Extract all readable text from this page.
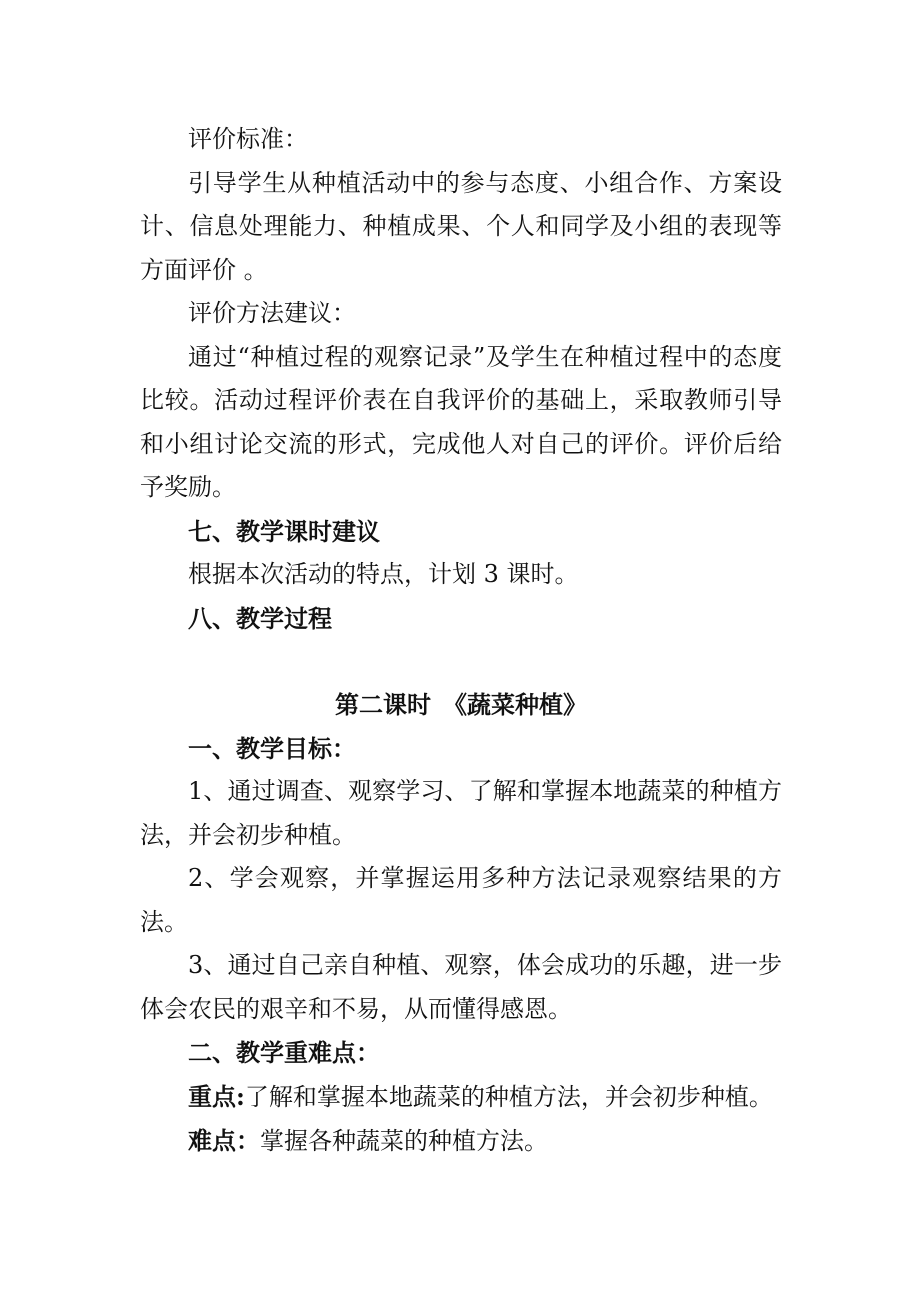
评价标准：

引导学生从种植活动中的参与态度、小组合作、方案设计、信息处理能力、种植成果、个人和同学及小组的表现等方面评价 。

评价方法建议：

通过“种植过程的观察记录”及学生在种植过程中的态度比较。活动过程评价表在自我评价的基础上，采取教师引导和小组讨论交流的形式，完成他人对自己的评价。评价后给予奖励。

七、教学课时建议

根据本次活动的特点，计划 3 课时。

八、教学过程

第二课时 《蔬菜种植》

一、教学目标：

1、通过调查、观察学习、了解和掌握本地蔬菜的种植方法，并会初步种植。

2、学会观察，并掌握运用多种方法记录观察结果的方法。

3、通过自己亲自种植、观察，体会成功的乐趣，进一步体会农民的艰辛和不易，从而懂得感恩。

二、教学重难点：

重点:了解和掌握本地蔬菜的种植方法，并会初步种植。

难点：掌握各种蔬菜的种植方法。
